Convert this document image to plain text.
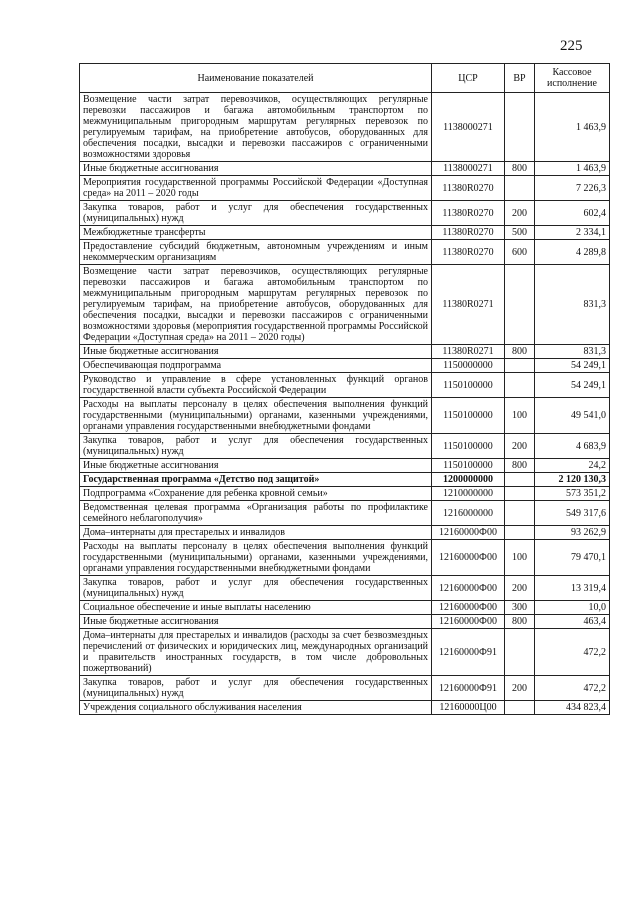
225
Наименование показателей	ЦСР	ВР	Кассовое исполнение
Возмещение части затрат перевозчиков, осуществляющих регулярные перевозки пассажиров и багажа автомобильным транспортом по межмуниципальным пригородным маршрутам регулярных перевозок по регулируемым тарифам, на приобретение автобусов, оборудованных для обеспечения посадки, высадки и перевозки пассажиров с ограниченными возможностями здоровья	1138000271		1 463,9
Иные бюджетные ассигнования	1138000271	800	1 463,9
Мероприятия государственной программы Российской Федерации «Доступная среда» на 2011 – 2020 годы	11380R0270		7 226,3
Закупка товаров, работ и услуг для обеспечения государственных (муниципальных) нужд	11380R0270	200	602,4
Межбюджетные трансферты	11380R0270	500	2 334,1
Предоставление субсидий бюджетным, автономным учреждениям и иным некоммерческим организациям	11380R0270	600	4 289,8
Возмещение части затрат перевозчиков, осуществляющих регулярные перевозки пассажиров и багажа автомобильным транспортом по межмуниципальным пригородным маршрутам регулярных перевозок по регулируемым тарифам, на приобретение автобусов, оборудованных для обеспечения посадки, высадки и перевозки пассажиров с ограниченными возможностями здоровья (мероприятия государственной программы Российской Федерации «Доступная среда» на 2011 – 2020 годы)	11380R0271		831,3
Иные бюджетные ассигнования	11380R0271	800	831,3
Обеспечивающая подпрограмма	1150000000		54 249,1
Руководство и управление в сфере установленных функций органов государственной власти субъекта Российской Федерации	1150100000		54 249,1
Расходы на выплаты персоналу в целях обеспечения выполнения функций государственными (муниципальными) органами, казенными учреждениями, органами управления государственными внебюджетными фондами	1150100000	100	49 541,0
Закупка товаров, работ и услуг для обеспечения государственных (муниципальных) нужд	1150100000	200	4 683,9
Иные бюджетные ассигнования	1150100000	800	24,2
Государственная программа «Детство под защитой»	1200000000		2 120 130,3
Подпрограмма «Сохранение для ребенка кровной семьи»	1210000000		573 351,2
Ведомственная целевая программа «Организация работы по профилактике семейного неблагополучия»	1216000000		549 317,6
Дома–интернаты для престарелых и инвалидов	12160000Ф00		93 262,9
Расходы на выплаты персоналу в целях обеспечения выполнения функций государственными (муниципальными) органами, казенными учреждениями, органами управления государственными внебюджетными фондами	12160000Ф00	100	79 470,1
Закупка товаров, работ и услуг для обеспечения государственных (муниципальных) нужд	12160000Ф00	200	13 319,4
Социальное обеспечение и иные выплаты населению	12160000Ф00	300	10,0
Иные бюджетные ассигнования	12160000Ф00	800	463,4
Дома–интернаты для престарелых и инвалидов (расходы за счет безвозмездных перечислений от физических и юридических лиц, международных организаций и правительств иностранных государств, в том числе добровольных пожертвований)	12160000Ф91		472,2
Закупка товаров, работ и услуг для обеспечения государственных (муниципальных) нужд	12160000Ф91	200	472,2
Учреждения социального обслуживания населения	12160000Ц00		434 823,4
